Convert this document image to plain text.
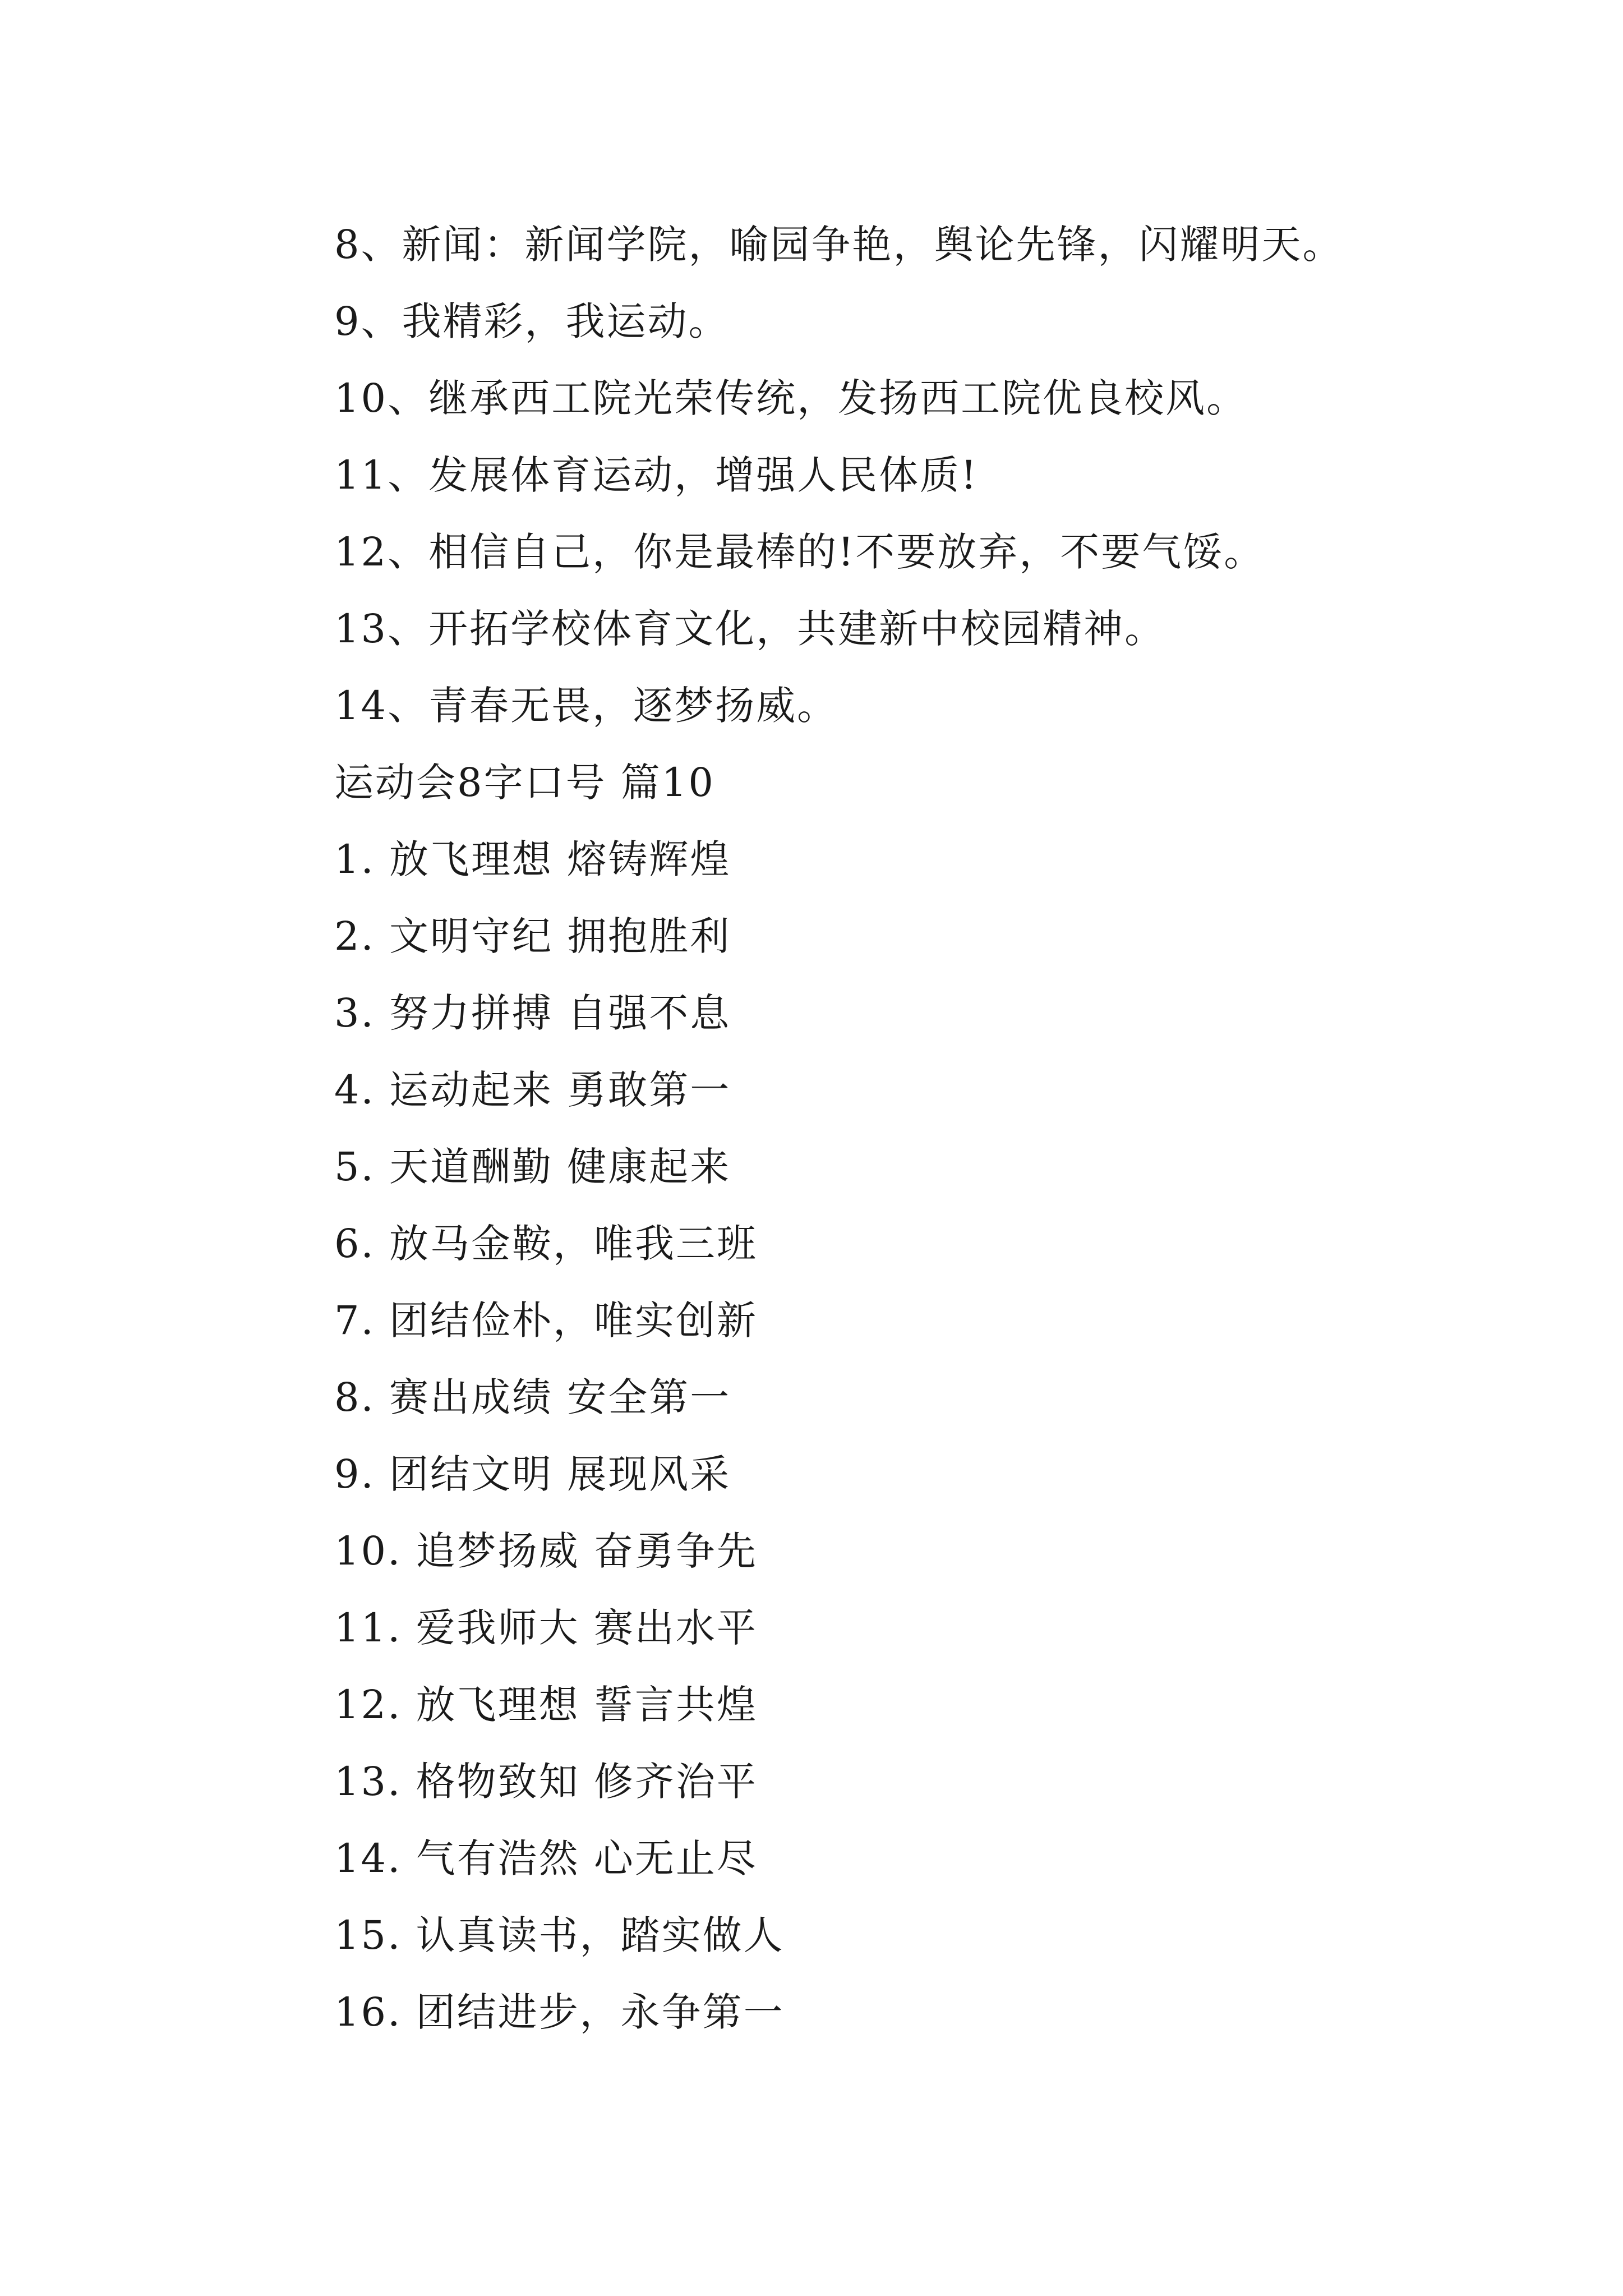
8、新闻：新闻学院，喻园争艳，舆论先锋，闪耀明天。
9、我精彩，我运动。
10、继承西工院光荣传统，发扬西工院优良校风。
11、发展体育运动，增强人民体质!
12、相信自己，你是最棒的!不要放弃，不要气馁。
13、开拓学校体育文化，共建新中校园精神。
14、青春无畏，逐梦扬威。
运动会8字口号 篇10
1. 放飞理想 熔铸辉煌
2. 文明守纪 拥抱胜利
3. 努力拼搏 自强不息
4. 运动起来 勇敢第一
5. 天道酬勤 健康起来
6. 放马金鞍，唯我三班
7. 团结俭朴，唯实创新
8. 赛出成绩 安全第一
9. 团结文明 展现风采
10. 追梦扬威 奋勇争先
11. 爱我师大 赛出水平
12. 放飞理想 誓言共煌
13. 格物致知 修齐治平
14. 气有浩然 心无止尽
15. 认真读书，踏实做人
16. 团结进步，永争第一
